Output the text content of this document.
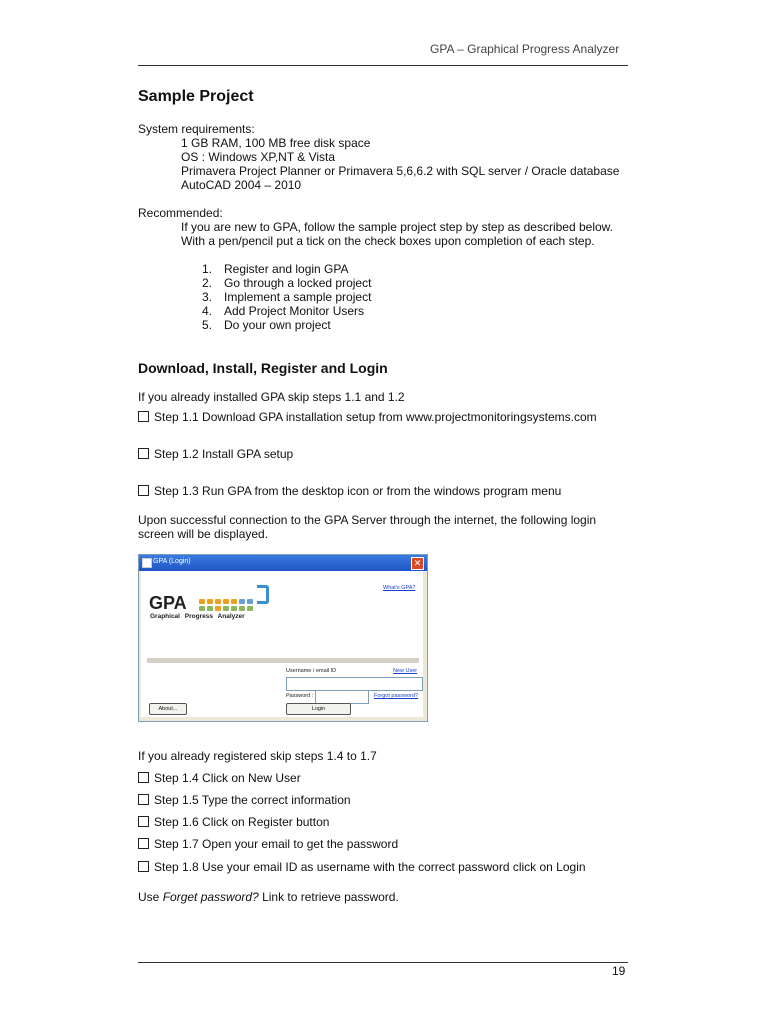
GPA – Graphical Progress Analyzer
Sample Project
System requirements:
1 GB RAM, 100 MB free disk space
OS : Windows XP,NT & Vista
Primavera Project Planner or Primavera 5,6,6.2 with SQL server / Oracle database
AutoCAD 2004 – 2010
Recommended:
If you are new to GPA, follow the sample project step by step as described below.
With a pen/pencil put a tick on the check boxes upon completion of each step.
1. Register and login GPA
2. Go through a locked project
3. Implement a sample project
4. Add Project Monitor Users
5. Do your own project
Download, Install, Register and Login
If you already installed GPA skip steps 1.1 and 1.2
Step 1.1 Download GPA installation setup from www.projectmonitoringsystems.com
Step 1.2 Install GPA setup
Step 1.3 Run GPA from the desktop icon or from the windows program menu
Upon successful connection to the GPA Server through the internet, the following login
screen will be displayed.
GPA (Login)	✕
GPA
Graphical Progress Analyzer
What's GPA?
Username / email ID	New User
Password :	Forgot password?
About...	Login
If you already registered skip steps 1.4 to 1.7
Step 1.4 Click on New User
Step 1.5 Type the correct information
Step 1.6 Click on Register button
Step 1.7 Open your email to get the password
Step 1.8 Use your email ID as username with the correct password click on Login
Use Forget password? Link to retrieve password.
19
